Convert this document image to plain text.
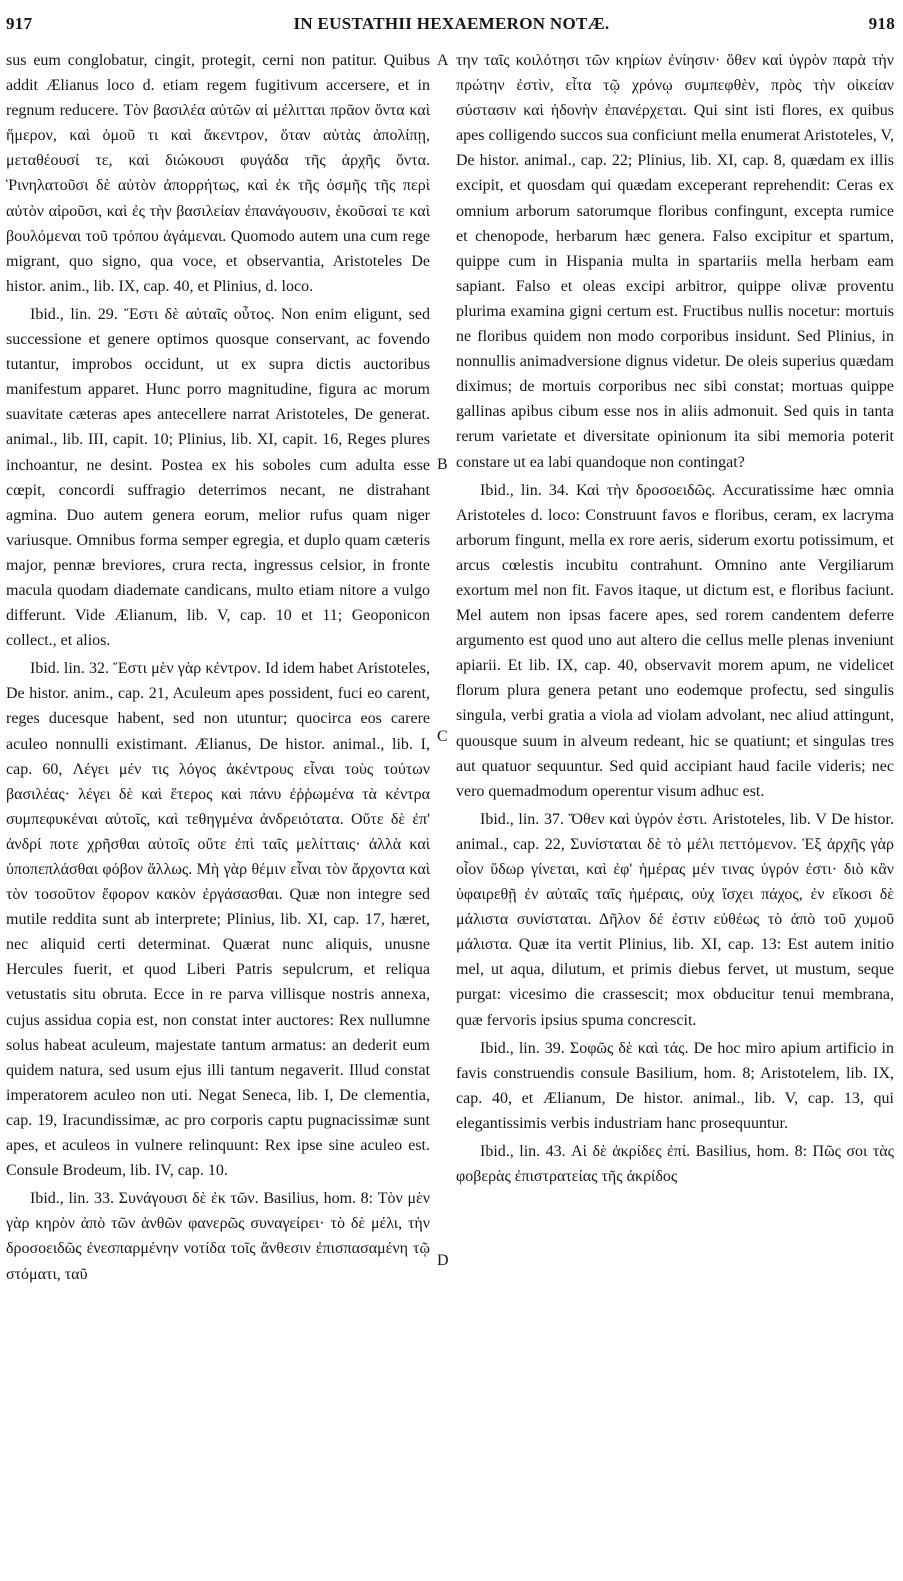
917	IN EUSTATHII HEXAEMERON NOTÆ.	918
A
B
C
D

sus eum conglobatur, cingit, protegit, cerni non patitur. Quibus addit Ælianus loco d. etiam regem fugitivum accersere, et in regnum reducere. Τὸν βασιλέα αὐτῶν αἱ μέλιτται πρᾶον ὄντα καὶ ἥμερον, καὶ ὁμοῦ τι καὶ ἄκεντρον, ὅταν αὐτὰς ἀπολίπῃ, μεταθέουσί τε, καὶ διώκουσι φυγάδα τῆς ἀρχῆς ὄντα. Ῥινηλατοῦσι δὲ αὐτὸν ἀπορρήτως, καὶ ἐκ τῆς ὀσμῆς τῆς περὶ αὐτὸν αἱροῦσι, καὶ ἐς τὴν βασιλείαν ἐπανάγουσιν, ἑκοῦσαί τε καὶ βουλόμεναι τοῦ τρόπου ἀγάμεναι. Quomodo autem una cum rege migrant, quo signo, qua voce, et observantia, Aristoteles De histor. anim., lib. IX, cap. 40, et Plinius, d. loco.

Ibid., lin. 29. Ἔστι δὲ αὐταῖς οὗτος. Non enim eligunt, sed successione et genere optimos quosque conservant, ac fovendo tutantur, improbos occidunt, ut ex supra dictis auctoribus manifestum apparet. Hunc porro magnitudine, figura ac morum suavitate cæteras apes antecellere narrat Aristoteles, De generat. animal., lib. III, capit. 10; Plinius, lib. XI, capit. 16, Reges plures inchoantur, ne desint. Postea ex his soboles cum adulta esse cœpit, concordi suffragio deterrimos necant, ne distrahant agmina. Duo autem genera eorum, melior rufus quam niger variusque. Omnibus forma semper egregia, et duplo quam cæteris major, pennæ breviores, crura recta, ingressus celsior, in fronte macula quodam diademate candicans, multo etiam nitore a vulgo differunt. Vide Ælianum, lib. V, cap. 10 et 11; Geoponicon collect., et alios.

Ibid. lin. 32. Ἔστι μὲν γὰρ κέντρον. Id idem habet Aristoteles, De histor. anim., cap. 21, Aculeum apes possident, fuci eo carent, reges ducesque habent, sed non utuntur; quocirca eos carere aculeo nonnulli existimant. Ælianus, De histor. animal., lib. I, cap. 60, Λέγει μέν τις λόγος ἀκέντρους εἶναι τοὺς τούτων βασιλέας· λέγει δὲ καὶ ἕτερος καὶ πάνυ ἐῤῥωμένα τὰ κέντρα συμπεφυκέναι αὐτοῖς, καὶ τεθηγμένα ἀνδρειότατα. Οὔτε δὲ ἐπ' ἀνδρί ποτε χρῆσθαι αὐτοῖς οὔτε ἐπὶ ταῖς μελίτταις· ἀλλὰ καὶ ὑποπεπλάσθαι φόβον ἄλλως. Μὴ γὰρ θέμιν εἶναι τὸν ἄρχοντα καὶ τὸν τοσοῦτον ἔφορον κακὸν ἐργάσασθαι. Quæ non integre sed mutile reddita sunt ab interprete; Plinius, lib. XI, cap. 17, hæret, nec aliquid certi determinat. Quærat nunc aliquis, unusne Hercules fuerit, et quod Liberi Patris sepulcrum, et reliqua vetustatis situ obruta. Ecce in re parva villisque nostris annexa, cujus assidua copia est, non constat inter auctores: Rex nullumne solus habeat aculeum, majestate tantum armatus: an dederit eum quidem natura, sed usum ejus illi tantum negaverit. Illud constat imperatorem aculeo non uti. Negat Seneca, lib. I, De clementia, cap. 19, Iracundissimæ, ac pro corporis captu pugnacissimæ sunt apes, et aculeos in vulnere relinquunt: Rex ipse sine aculeo est. Consule Brodeum, lib. IV, cap. 10.

Ibid., lin. 33. Συνάγουσι δὲ ἐκ τῶν. Basilius, hom. 8: Τὸν μὲν γὰρ κηρὸν ἀπὸ τῶν ἀνθῶν φανερῶς συναγείρει· τὸ δὲ μέλι, τὴν δροσοειδῶς ἐνεσπαρμένην νοτίδα τοῖς ἄνθεσιν ἐπισπασαμένη τῷ στόματι, ταῦ

την ταῖς κοιλότησι τῶν κηρίων ἐνίησιν· ὅθεν καὶ ὑγρὸν παρὰ τὴν πρώτην ἐστὶν, εἶτα τῷ χρόνῳ συμπεφθὲν, πρὸς τὴν οἰκείαν σύστασιν καὶ ἡδονὴν ἐπανέρχεται. Qui sint isti flores, ex quibus apes colligendo succos sua conficiunt mella enumerat Aristoteles, V, De histor. animal., cap. 22; Plinius, lib. XI, cap. 8, quædam ex illis excipit, et quosdam qui quædam exceperant reprehendit: Ceras ex omnium arborum satorumque floribus confingunt, excepta rumice et chenopode, herbarum hæc genera. Falso excipitur et spartum, quippe cum in Hispania multa in spartariis mella herbam eam sapiant. Falso et oleas excipi arbitror, quippe olivæ proventu plurima examina gigni certum est. Fructibus nullis nocetur: mortuis ne floribus quidem non modo corporibus insidunt. Sed Plinius, in nonnullis animadversione dignus videtur. De oleis superius quædam diximus; de mortuis corporibus nec sibi constat; mortuas quippe gallinas apibus cibum esse nos in aliis admonuit. Sed quis in tanta rerum varietate et diversitate opinionum ita sibi memoria poterit constare ut ea labi quandoque non contingat?

Ibid., lin. 34. Καὶ τὴν δροσοειδῶς. Accuratissime hæc omnia Aristoteles d. loco: Construunt favos e floribus, ceram, ex lacryma arborum fingunt, mella ex rore aeris, siderum exortu potissimum, et arcus cœlestis incubitu contrahunt. Omnino ante Vergiliarum exortum mel non fit. Favos itaque, ut dictum est, e floribus faciunt. Mel autem non ipsas facere apes, sed rorem candentem deferre argumento est quod uno aut altero die cellus melle plenas inveniunt apiarii. Et lib. IX, cap. 40, observavit morem apum, ne videlicet florum plura genera petant uno eodemque profectu, sed singulis singula, verbi gratia a viola ad violam advolant, nec aliud attingunt, quousque suum in alveum redeant, hic se quatiunt; et singulas tres aut quatuor sequuntur. Sed quid accipiant haud facile videris; nec vero quemadmodum operentur visum adhuc est.

Ibid., lin. 37. Ὅθεν καὶ ὑγρόν ἐστι. Aristoteles, lib. V De histor. animal., cap. 22, Συνίσταται δὲ τὸ μέλι πεττόμενον. Ἐξ ἀρχῆς γὰρ οἷον ὕδωρ γίνεται, καὶ ἐφ' ἡμέρας μέν τινας ὑγρόν ἐστι· διὸ κἂν ὑφαιρεθῇ ἐν αὐταῖς ταῖς ἡμέραις, οὐχ ἴσχει πάχος, ἐν εἴκοσι δὲ μάλιστα συνίσταται. Δῆλον δέ ἐστιν εὐθέως τὸ ἀπὸ τοῦ χυμοῦ μάλιστα. Quæ ita vertit Plinius, lib. XI, cap. 13: Est autem initio mel, ut aqua, dilutum, et primis diebus fervet, ut mustum, seque purgat: vicesimo die crassescit; mox obducitur tenui membrana, quæ fervoris ipsius spuma concrescit.

Ibid., lin. 39. Σοφῶς δὲ καὶ τάς. De hoc miro apium artificio in favis construendis consule Basilium, hom. 8; Aristotelem, lib. IX, cap. 40, et Ælianum, De histor. animal., lib. V, cap. 13, qui elegantissimis verbis industriam hanc prosequuntur.

Ibid., lin. 43. Αἱ δὲ ἀκρίδες ἐπί. Basilius, hom. 8: Πῶς σοι τὰς φοβερὰς ἐπιστρατείας τῆς ἀκρίδος
